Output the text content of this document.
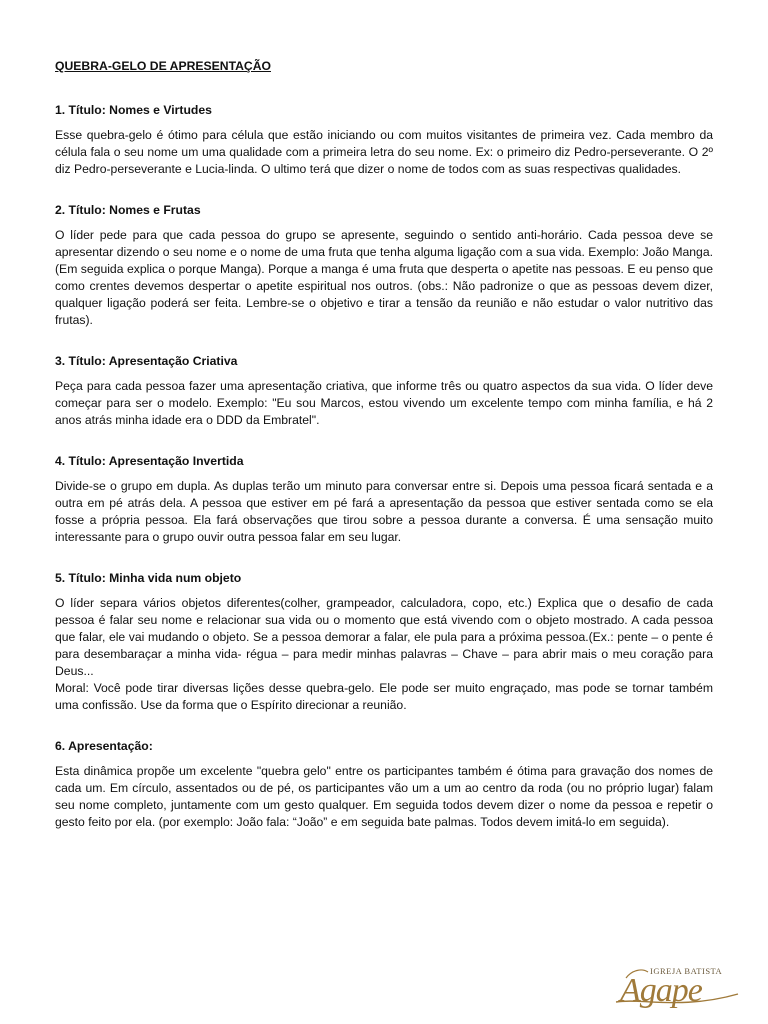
QUEBRA-GELO DE APRESENTAÇÃO
1. Título: Nomes e Virtudes

Esse quebra-gelo é ótimo para célula que estão iniciando ou com muitos visitantes de primeira vez. Cada membro da célula fala o seu nome um uma qualidade com a primeira letra do seu nome. Ex: o primeiro diz Pedro-perseverante. O 2º diz Pedro-perseverante e Lucia-linda. O ultimo terá que dizer o nome de todos com as suas respectivas qualidades.

2. Título: Nomes e Frutas

O líder pede para que cada pessoa do grupo se apresente, seguindo o sentido anti-horário. Cada pessoa deve se apresentar dizendo o seu nome e o nome de uma fruta que tenha alguma ligação com a sua vida. Exemplo: João Manga. (Em seguida explica o porque Manga). Porque a manga é uma fruta que desperta o apetite nas pessoas. E eu penso que como crentes devemos despertar o apetite espiritual nos outros. (obs.: Não padronize o que as pessoas devem dizer, qualquer ligação poderá ser feita. Lembre-se o objetivo e tirar a tensão da reunião e não estudar o valor nutritivo das frutas).

3. Título: Apresentação Criativa

Peça para cada pessoa fazer uma apresentação criativa, que informe três ou quatro aspectos da sua vida. O líder deve começar para ser o modelo. Exemplo: "Eu sou Marcos, estou vivendo um excelente tempo com minha família, e há 2 anos atrás minha idade era o DDD da Embratel".

4. Título: Apresentação Invertida

Divide-se o grupo em dupla. As duplas terão um minuto para conversar entre si. Depois uma pessoa ficará sentada e a outra em pé atrás dela. A pessoa que estiver em pé fará a apresentação da pessoa que estiver sentada como se ela fosse a própria pessoa. Ela fará observações que tirou sobre a pessoa durante a conversa. É uma sensação muito interessante para o grupo ouvir outra pessoa falar em seu lugar.

5. Título: Minha vida num objeto

O líder separa vários objetos diferentes(colher, grampeador, calculadora, copo, etc.) Explica que o desafio de cada pessoa é falar seu nome e relacionar sua vida ou o momento que está vivendo com o objeto mostrado. A cada pessoa que falar, ele vai mudando o objeto. Se a pessoa demorar a falar, ele pula para a próxima pessoa.(Ex.: pente – o pente é para desembaraçar a minha vida- régua – para medir minhas palavras – Chave – para abrir mais o meu coração para Deus...

Moral: Você pode tirar diversas lições desse quebra-gelo. Ele pode ser muito engraçado, mas pode se tornar também uma confissão. Use da forma que o Espírito direcionar a reunião.

6. Apresentação:

Esta dinâmica propõe um excelente "quebra gelo" entre os participantes também é ótima para gravação dos nomes de cada um. Em círculo, assentados ou de pé, os participantes vão um a um ao centro da roda (ou no próprio lugar) falam seu nome completo, juntamente com um gesto qualquer. Em seguida todos devem dizer o nome da pessoa e repetir o gesto feito por ela. (por exemplo: João fala: “João” e em seguida bate palmas. Todos devem imitá-lo em seguida).

IGREJA BATISTA
Agape
